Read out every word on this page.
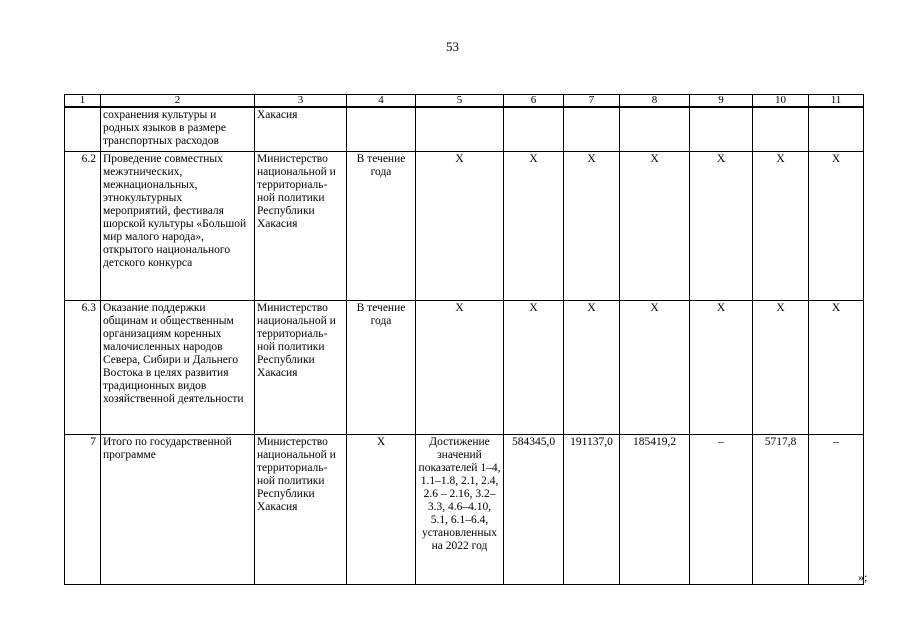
53
1	2	3	4	5	6	7	8	9	10	11
	сохранения культуры и родных языков в размере транспортных расходов	Хакасия								
6.2	Проведение совместных межэтнических, межнациональных, этнокультурных мероприятий, фестиваля шорской культуры «Большой мир малого народа», открытого национального детского конкурса	Министерство национальной и территориаль-ной политики Республики Хакасия	В течение года	X	X	X	X	X	X	X
6.3	Оказание поддержки общинам и общественным организациям коренных малочисленных народов Севера, Сибири и Дальнего Востока в целях развития традиционных видов хозяйственной деятельности	Министерство национальной и территориаль-ной политики Республики Хакасия	В течение года	X	X	X	X	X	X	X
7	Итого по государственной программе	Министерство национальной и территориаль-ной политики Республики Хакасия	X	Достижение значений показателей 1–4, 1.1–1.8, 2.1, 2.4, 2.6 – 2.16, 3.2–3.3, 4.6–4.10, 5.1, 6.1–6.4, установленных на 2022 год	584345,0	191137,0	185419,2	–	5717,8	–
»;
